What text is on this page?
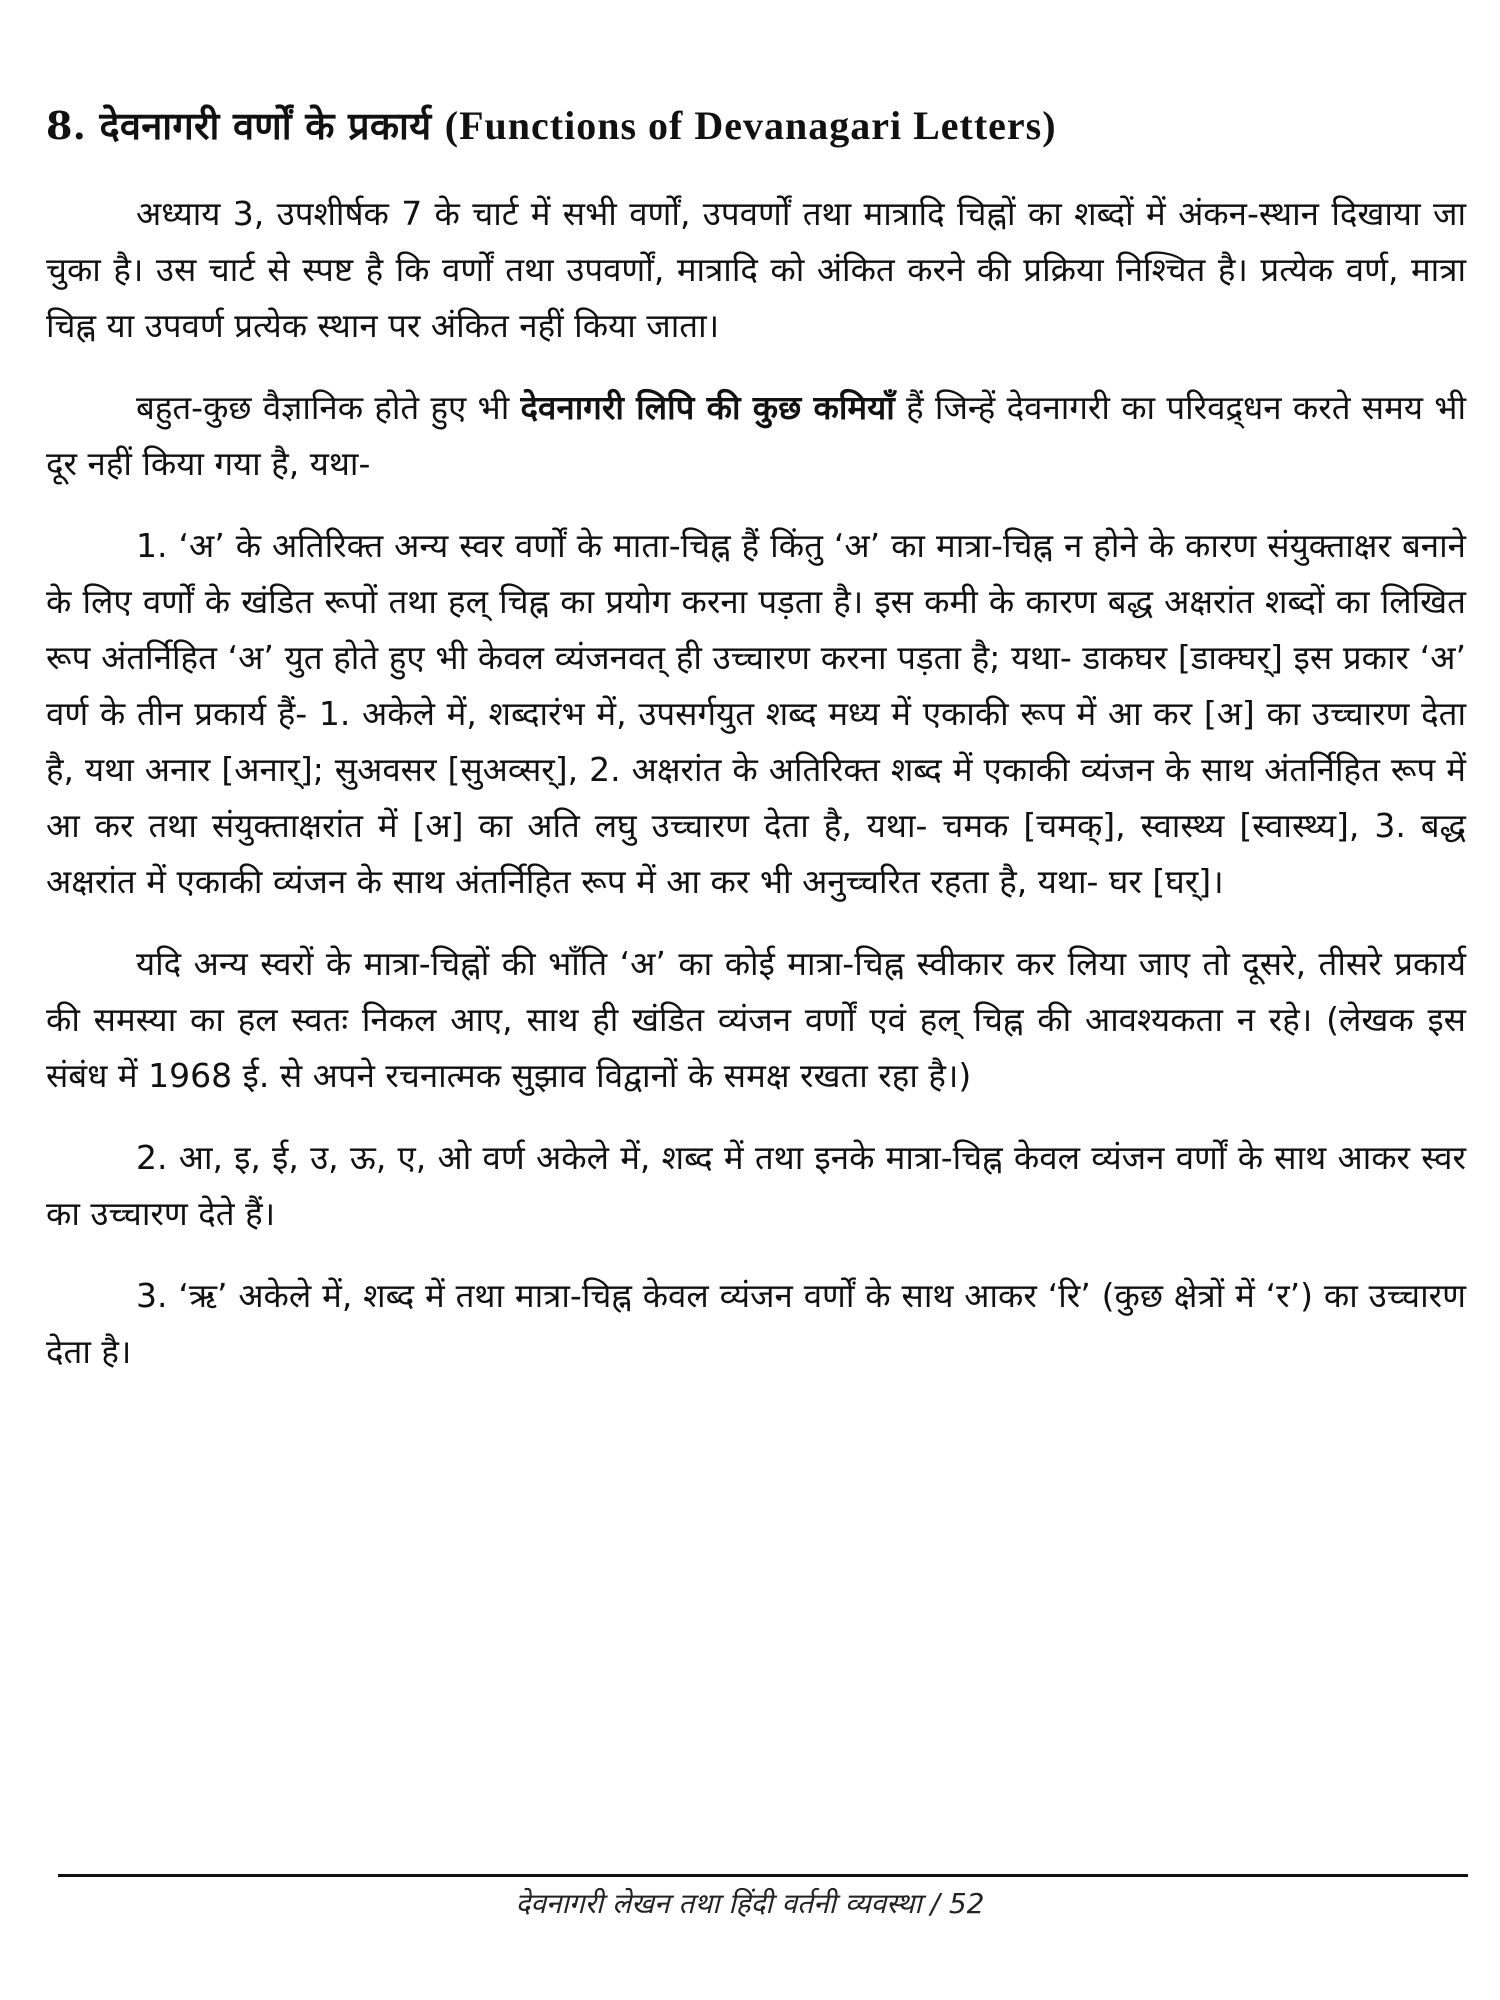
8. देवनागरी वर्णों के प्रकार्य (Functions of Devanagari Letters)

अध्याय 3, उपशीर्षक 7 के चार्ट में सभी वर्णों, उपवर्णों तथा मात्रादि चिह्नों का शब्दों में अंकन-स्थान दिखाया जा चुका है। उस चार्ट से स्पष्ट है कि वर्णों तथा उपवर्णों, मात्रादि को अंकित करने की प्रक्रिया निश्चित है। प्रत्येक वर्ण, मात्रा चिह्न या उपवर्ण प्रत्येक स्थान पर अंकित नहीं किया जाता।

बहुत-कुछ वैज्ञानिक होते हुए भी देवनागरी लिपि की कुछ कमियाँ हैं जिन्हें देवनागरी का परिवद्र्धन करते समय भी दूर नहीं किया गया है, यथा-

1. ‘अ’ के अतिरिक्त अन्य स्वर वर्णों के माता-चिह्न हैं किंतु ‘अ’ का मात्रा-चिह्न न होने के कारण संयुक्ताक्षर बनाने के लिए वर्णों के खंडित रूपों तथा हल् चिह्न का प्रयोग करना पड़ता है। इस कमी के कारण बद्ध अक्षरांत शब्दों का लिखित रूप अंतर्निहित ‘अ’ युत होते हुए भी केवल व्यंजनवत् ही उच्चारण करना पड़ता है; यथा- डाकघर [डाक्घर्] इस प्रकार ‘अ’ वर्ण के तीन प्रकार्य हैं- 1. अकेले में, शब्दारंभ में, उपसर्गयुत शब्द मध्य में एकाकी रूप में आ कर [अ] का उच्चारण देता है, यथा अनार [अनार्]; सुअवसर [सुअव्सर्], 2. अक्षरांत के अतिरिक्त शब्द में एकाकी व्यंजन के साथ अंतर्निहित रूप में आ कर तथा संयुक्ताक्षरांत में [अ] का अति लघु उच्चारण देता है, यथा- चमक [चमक्], स्वास्थ्य [स्वास्थ्य], 3. बद्ध अक्षरांत में एकाकी व्यंजन के साथ अंतर्निहित रूप में आ कर भी अनुच्चरित रहता है, यथा- घर [घर्]।

यदि अन्य स्वरों के मात्रा-चिह्नों की भाँति ‘अ’ का कोई मात्रा-चिह्न स्वीकार कर लिया जाए तो दूसरे, तीसरे प्रकार्य की समस्या का हल स्वतः निकल आए, साथ ही खंडित व्यंजन वर्णों एवं हल् चिह्न की आवश्यकता न रहे। (लेखक इस संबंध में 1968 ई. से अपने रचनात्मक सुझाव विद्वानों के समक्ष रखता रहा है।)

2. आ, इ, ई, उ, ऊ, ए, ओ वर्ण अकेले में, शब्द में तथा इनके मात्रा-चिह्न केवल व्यंजन वर्णों के साथ आकर स्वर का उच्चारण देते हैं।

3. ‘ऋ’ अकेले में, शब्द में तथा मात्रा-चिह्न केवल व्यंजन वर्णों के साथ आकर ‘रि’ (कुछ क्षेत्रों में ‘र’) का उच्चारण देता है।

देवनागरी लेखन तथा हिंदी वर्तनी व्यवस्था / 52
